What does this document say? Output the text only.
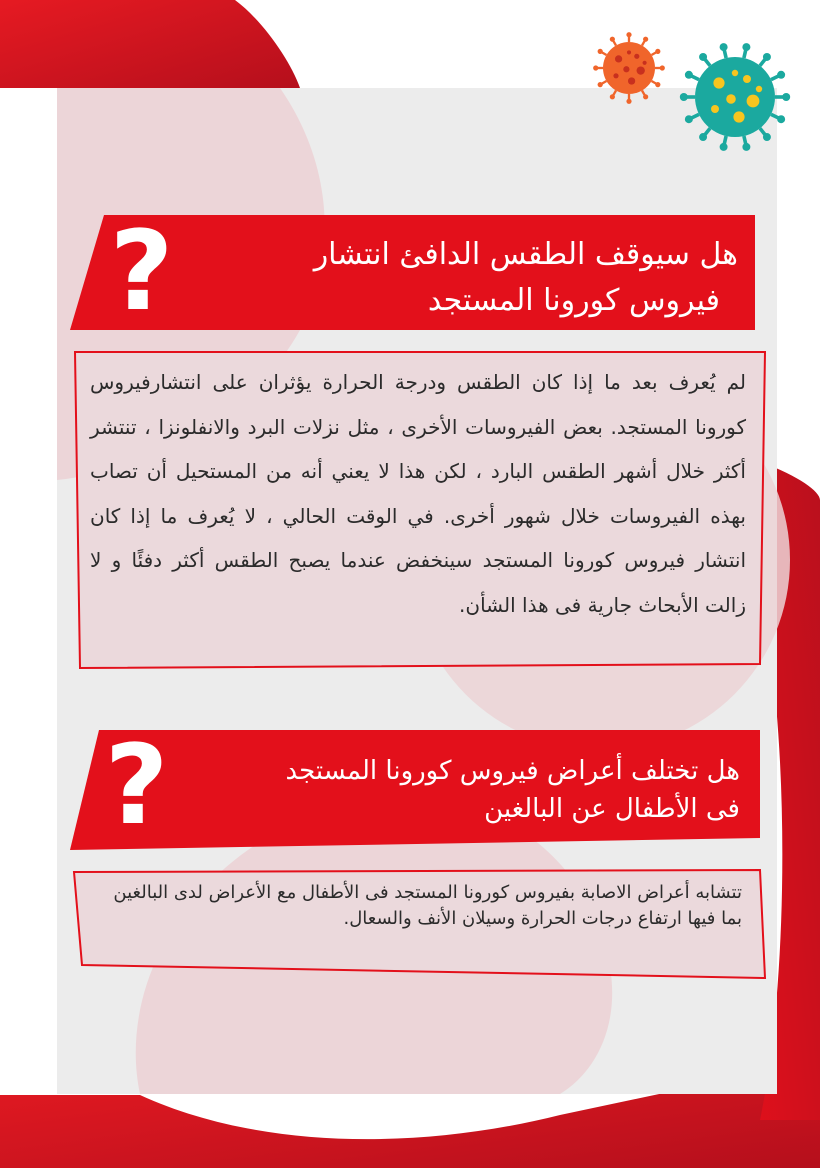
؟	هل سيوقف الطقس الدافئ انتشار
فيروس كورونا المستجد
لم يُعرف بعد ما إذا كان الطقس ودرجة الحرارة يؤثران على انتشارفيروس كورونا المستجد. بعض الفيروسات الأخرى ، مثل نزلات البرد والانفلونزا ، تنتشر أكثر خلال أشهر الطقس البارد ، لكن هذا لا يعني أنه من المستحيل أن تصاب بهذه الفيروسات خلال شهور أخرى. في الوقت الحالي ، لا يُعرف ما إذا كان انتشار فيروس كورونا المستجد سينخفض عندما يصبح الطقس أكثر دفئًا و لا زالت الأبحاث جارية فى هذا الشأن.
؟	هل تختلف أعراض فيروس كورونا المستجد
فى الأطفال عن البالغين
تتشابه أعراض الاصابة بفيروس كورونا المستجد فى الأطفال مع الأعراض لدى البالغين بما فيها ارتفاع درجات الحرارة وسيلان الأنف والسعال.
